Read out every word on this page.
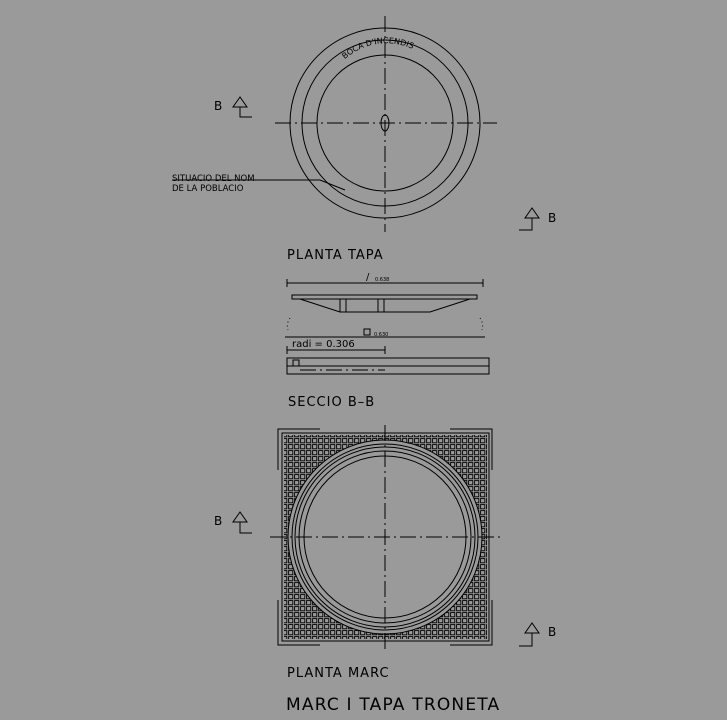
BOCA D'INCENDIS
SITUACIO DEL NOM
DE LA POBLACIO
B
B
PLANTA TAPA
/ 0.638
0.630
radi = 0.306
SECCIO B–B
B
B
PLANTA MARC
MARC I TAPA TRONETA
